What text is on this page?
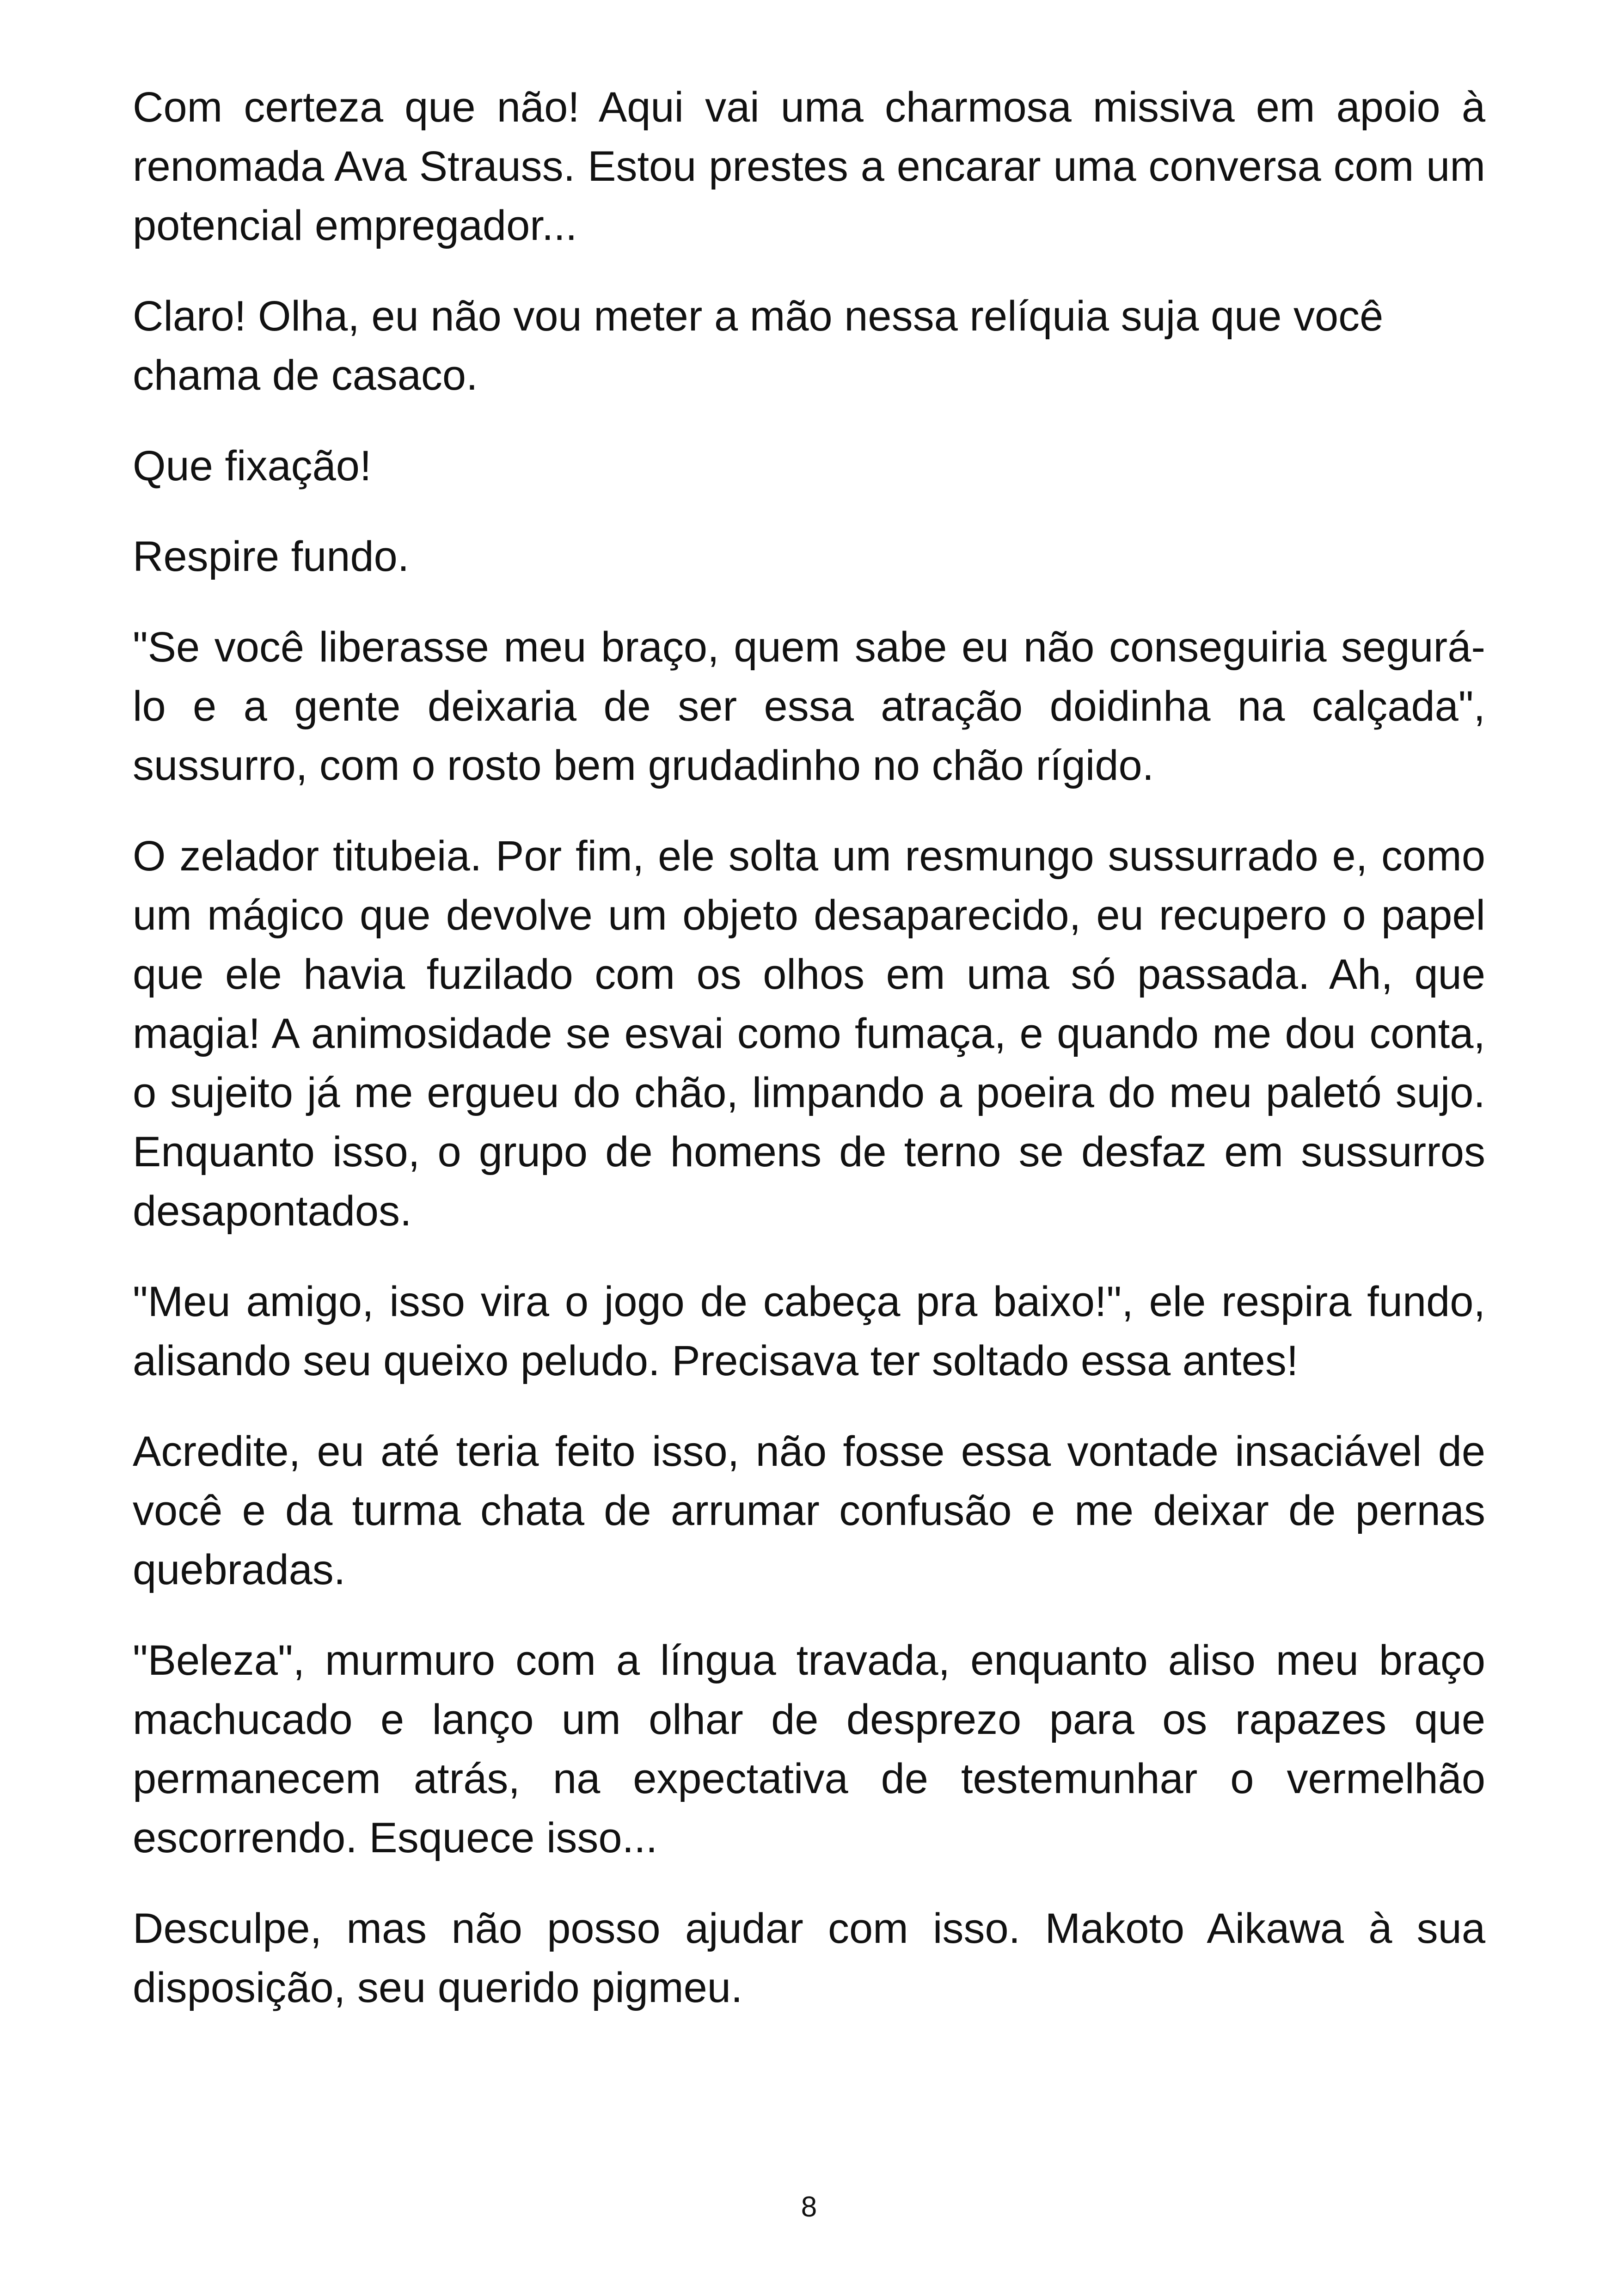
Com certeza que não! Aqui vai uma charmosa missiva em apoio à renomada Ava Strauss. Estou prestes a encarar uma conversa com um potencial empregador...

Claro! Olha, eu não vou meter a mão nessa relíquia suja que você chama de casaco.

Que fixação!

Respire fundo.

"Se você liberasse meu braço, quem sabe eu não conseguiria segurá-lo e a gente deixaria de ser essa atração doidinha na calçada", sussurro, com o rosto bem grudadinho no chão rígido.

O zelador titubeia. Por fim, ele solta um resmungo sussurrado e, como um mágico que devolve um objeto desaparecido, eu recupero o papel que ele havia fuzilado com os olhos em uma só passada. Ah, que magia! A animosidade se esvai como fumaça, e quando me dou conta, o sujeito já me ergueu do chão, limpando a poeira do meu paletó sujo. Enquanto isso, o grupo de homens de terno se desfaz em sussurros desapontados.

"Meu amigo, isso vira o jogo de cabeça pra baixo!", ele respira fundo, alisando seu queixo peludo. Precisava ter soltado essa antes!

Acredite, eu até teria feito isso, não fosse essa vontade insaciável de você e da turma chata de arrumar confusão e me deixar de pernas quebradas.

"Beleza", murmuro com a língua travada, enquanto aliso meu braço machucado e lanço um olhar de desprezo para os rapazes que permanecem atrás, na expectativa de testemunhar o vermelhão escorrendo. Esquece isso...

Desculpe, mas não posso ajudar com isso. Makoto Aikawa à sua disposição, seu querido pigmeu.

8
